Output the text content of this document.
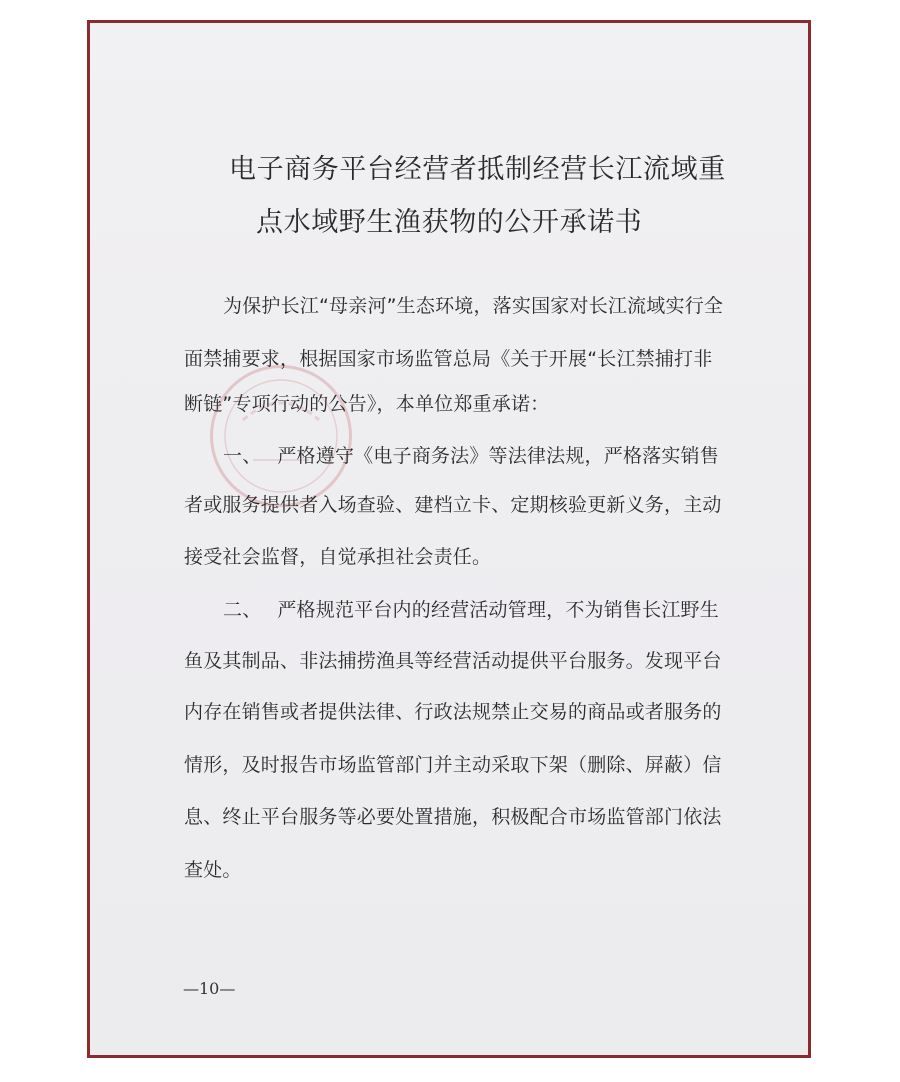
电子商务平台经营者抵制经营长江流域重
点水域野生渔获物的公开承诺书
为保护长江“母亲河”生态环境，落实国家对长江流域实行全
面禁捕要求，根据国家市场监管总局《关于开展“长江禁捕打非
断链”专项行动的公告》，本单位郑重承诺：
一、　 严格遵守《电子商务法》等法律法规，严格落实销售
者或服务提供者入场查验、建档立卡、定期核验更新义务，主动
接受社会监督，自觉承担社会责任。
二、　 严格规范平台内的经营活动管理，不为销售长江野生
鱼及其制品、非法捕捞渔具等经营活动提供平台服务。发现平台
内存在销售或者提供法律、行政法规禁止交易的商品或者服务的
情形，及时报告市场监管部门并主动采取下架（删除、屏蔽）信
息、终止平台服务等必要处置措施，积极配合市场监管部门依法
查处。
—10—
